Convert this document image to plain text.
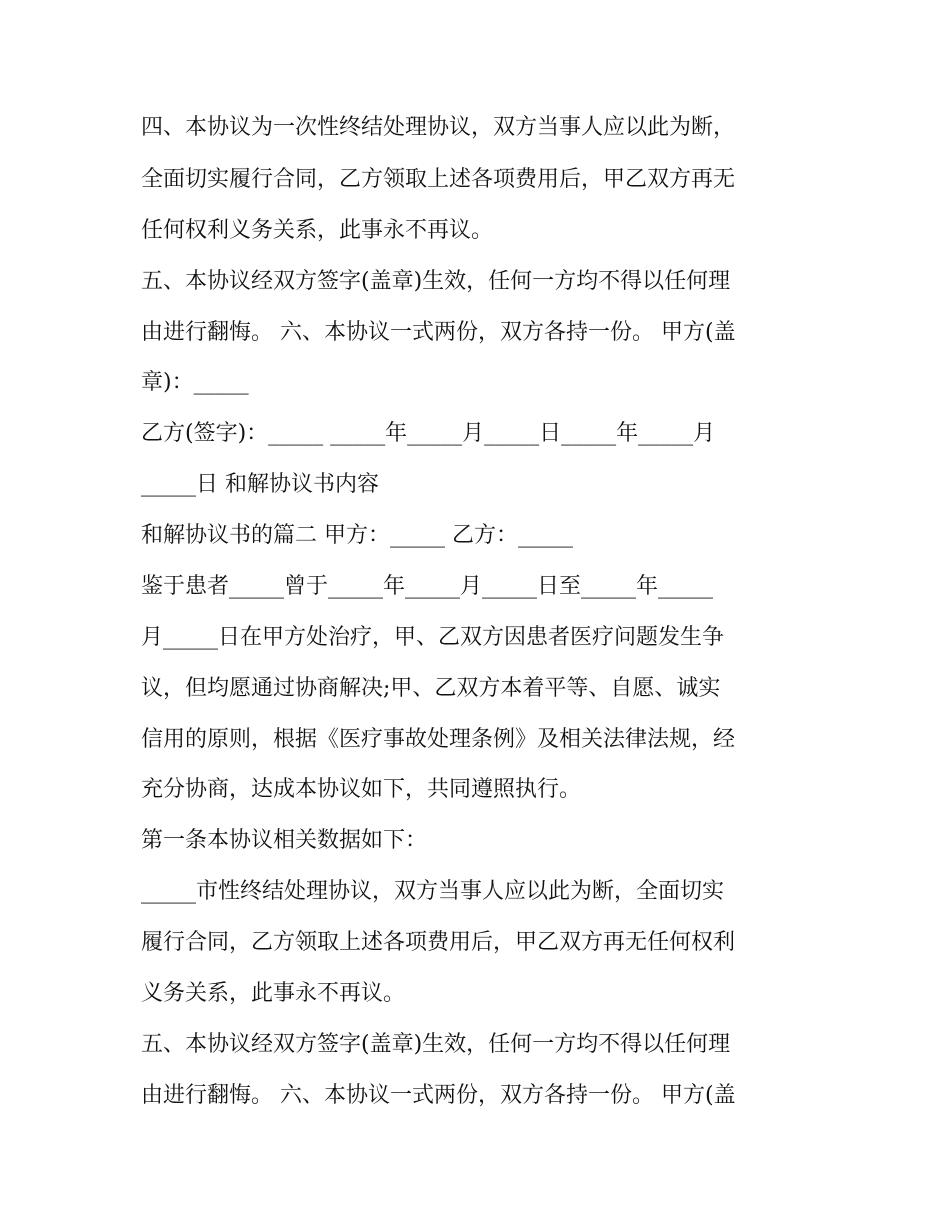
四、本协议为一次性终结处理协议，双方当事人应以此为断，
全面切实履行合同，乙方领取上述各项费用后，甲乙双方再无
任何权利义务关系，此事永不再议。
五、本协议经双方签字(盖章)生效，任何一方均不得以任何理
由进行翻悔。 六、本协议一式两份，双方各持一份。 甲方(盖
章)：_____
乙方(签字)：_____ _____年_____月_____日_____年_____月
_____日 和解协议书内容
和解协议书的篇二 甲方：_____ 乙方：_____
鉴于患者_____曾于_____年_____月_____日至_____年_____
月_____日在甲方处治疗，甲、乙双方因患者医疗问题发生争
议，但均愿通过协商解决;甲、乙双方本着平等、自愿、诚实
信用的原则，根据《医疗事故处理条例》及相关法律法规，经
充分协商，达成本协议如下，共同遵照执行。
第一条本协议相关数据如下：
_____市性终结处理协议，双方当事人应以此为断，全面切实
履行合同，乙方领取上述各项费用后，甲乙双方再无任何权利
义务关系，此事永不再议。
五、本协议经双方签字(盖章)生效，任何一方均不得以任何理
由进行翻悔。 六、本协议一式两份，双方各持一份。 甲方(盖
